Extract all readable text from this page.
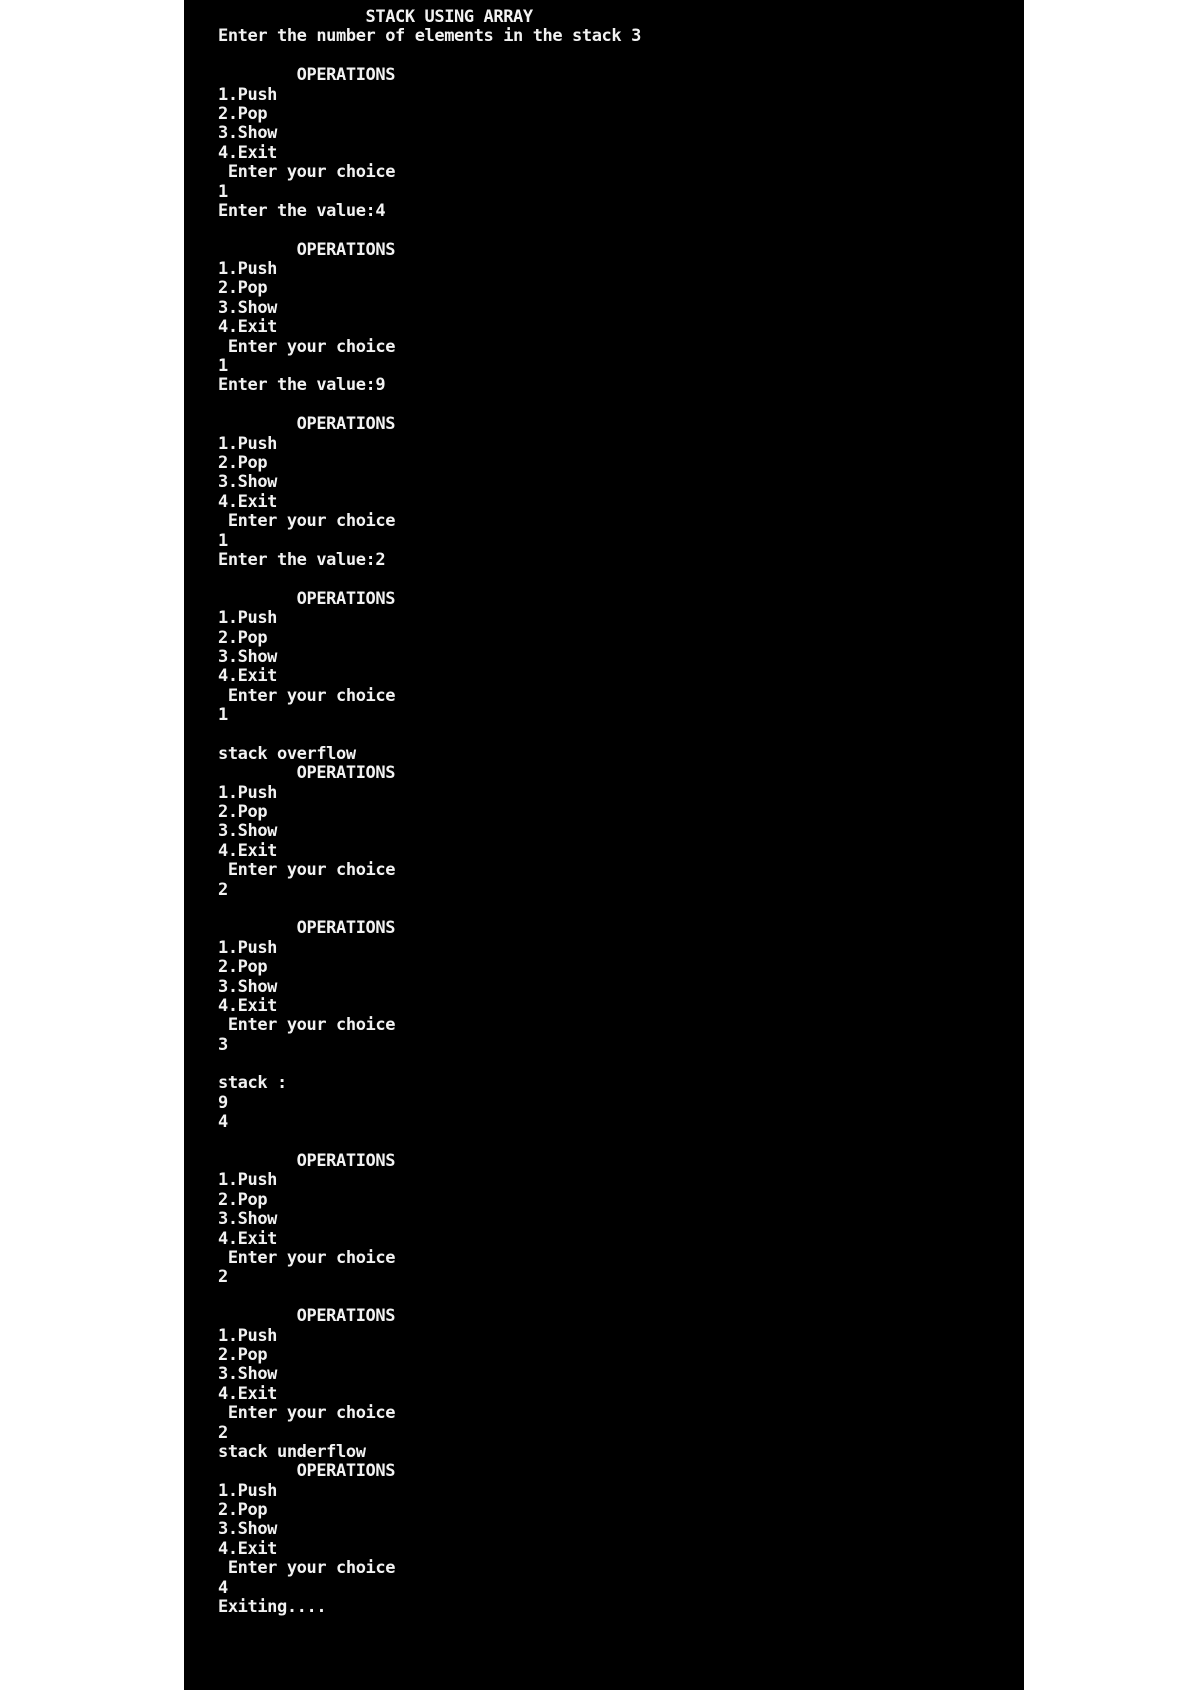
STACK USING ARRAY
Enter the number of elements in the stack 3
OPERATIONS
1.Push
2.Pop
3.Show
4.Exit
Enter your choice
1
Enter the value:4
OPERATIONS
1.Push
2.Pop
3.Show
4.Exit
Enter your choice
1
Enter the value:9
OPERATIONS
1.Push
2.Pop
3.Show
4.Exit
Enter your choice
1
Enter the value:2
OPERATIONS
1.Push
2.Pop
3.Show
4.Exit
Enter your choice
1
stack overflow
OPERATIONS
1.Push
2.Pop
3.Show
4.Exit
Enter your choice
2
OPERATIONS
1.Push
2.Pop
3.Show
4.Exit
Enter your choice
3
stack :
9
4
OPERATIONS
1.Push
2.Pop
3.Show
4.Exit
Enter your choice
2
OPERATIONS
1.Push
2.Pop
3.Show
4.Exit
Enter your choice
2
stack underflow
OPERATIONS
1.Push
2.Pop
3.Show
4.Exit
Enter your choice
4
Exiting....
